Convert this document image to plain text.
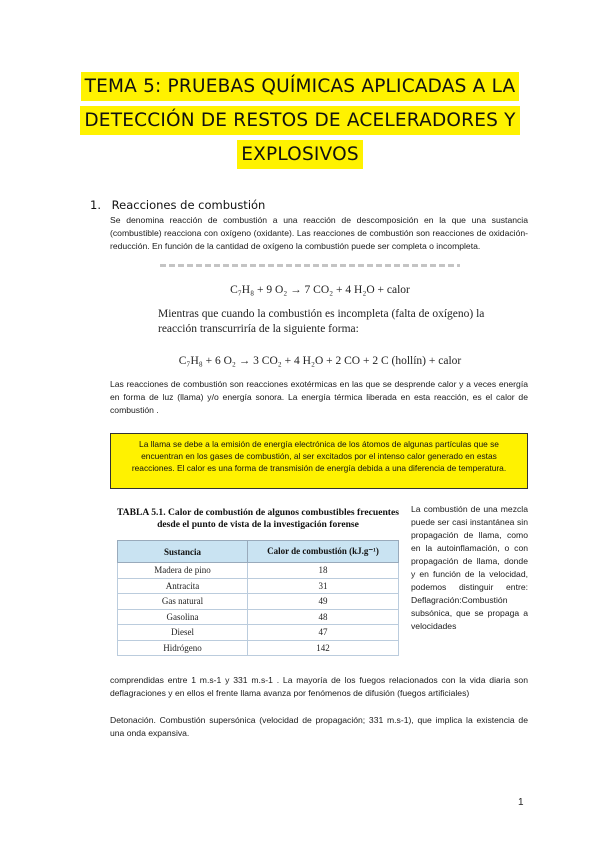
TEMA 5: PRUEBAS QUÍMICAS APLICADAS A LA
DETECCIÓN DE RESTOS DE ACELERADORES Y
EXPLOSIVOS
1. Reacciones de combustión

Se denomina reacción de combustión a una reacción de descomposición en la que una sustancia (combustible) reacciona con oxígeno (oxidante). Las reacciones de combustión son reacciones de oxidación-reducción. En función de la cantidad de oxígeno la combustión puede ser completa o incompleta.

C₇H₈ + 9 O₂ → 7 CO₂ + 4 H₂O + calor
Mientras que cuando la combustión es incompleta (falta de oxígeno) la reacción transcurriría de la siguiente forma:
C₇H₈ + 6 O₂ → 3 CO₂ + 4 H₂O + 2 CO + 2 C (hollín) + calor

Las reacciones de combustión son reacciones exotérmicas en las que se desprende calor y a veces energía en forma de luz (llama) y/o energía sonora. La energía térmica liberada en esta reacción, es el calor de combustión .

La llama se debe a la emisión de energía electrónica de los átomos de algunas partículas que se encuentran en los gases de combustión, al ser excitados por el intenso calor generado en estas reacciones. El calor es una forma de transmisión de energía debida a una diferencia de temperatura.
TABLA 5.1. Calor de combustión de algunos combustibles frecuentes desde el punto de vista de la investigación forense
Sustancia	Calor de combustión (kJ.g⁻¹)
Madera de pino	18
Antracita	31
Gas natural	49
Gasolina	48
Diesel	47
Hidrógeno	142

La combustión de una mezcla puede ser casi instantánea sin propagación de llama, como en la autoinflamación, o con propagación de llama, donde y en función de la velocidad, podemos distinguir entre: Deflagración:Combustión subsónica, que se propaga a velocidades

comprendidas entre 1 m.s-1 y 331 m.s-1 . La mayoría de los fuegos relacionados con la vida diaria son deflagraciones y en ellos el frente llama avanza por fenómenos de difusión (fuegos artificiales)

Detonación. Combustión supersónica (velocidad de propagación; 331 m.s-1), que implica la existencia de una onda expansiva.

1
